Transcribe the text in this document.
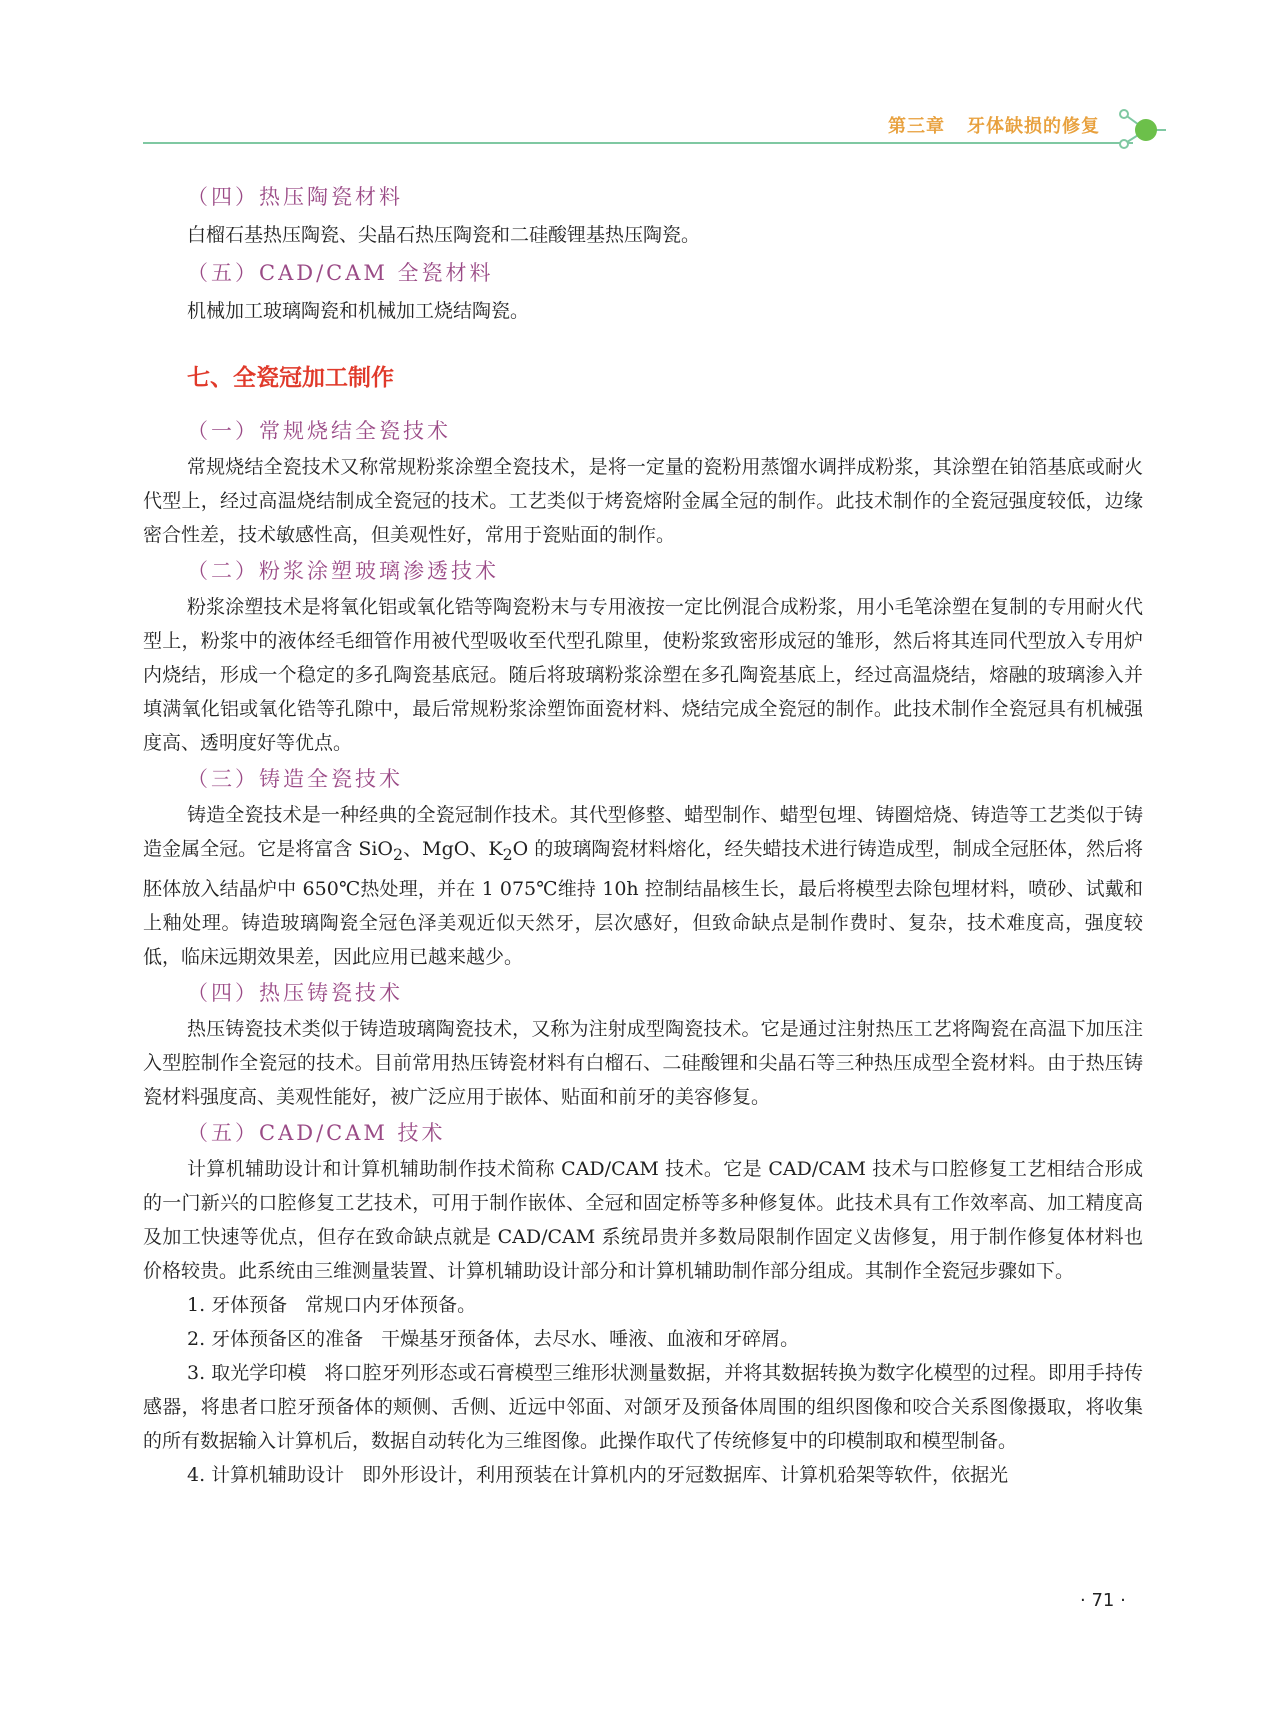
第三章 牙体缺损的修复
（四）热压陶瓷材料
白榴石基热压陶瓷、尖晶石热压陶瓷和二硅酸锂基热压陶瓷。
（五）CAD/CAM 全瓷材料
机械加工玻璃陶瓷和机械加工烧结陶瓷。
七、全瓷冠加工制作
（一）常规烧结全瓷技术

常规烧结全瓷技术又称常规粉浆涂塑全瓷技术，是将一定量的瓷粉用蒸馏水调拌成粉浆，其涂塑在铂箔基底或耐火代型上，经过高温烧结制成全瓷冠的技术。工艺类似于烤瓷熔附金属全冠的制作。此技术制作的全瓷冠强度较低，边缘密合性差，技术敏感性高，但美观性好，常用于瓷贴面的制作。

（二）粉浆涂塑玻璃渗透技术

粉浆涂塑技术是将氧化铝或氧化锆等陶瓷粉末与专用液按一定比例混合成粉浆，用小毛笔涂塑在复制的专用耐火代型上，粉浆中的液体经毛细管作用被代型吸收至代型孔隙里，使粉浆致密形成冠的雏形，然后将其连同代型放入专用炉内烧结，形成一个稳定的多孔陶瓷基底冠。随后将玻璃粉浆涂塑在多孔陶瓷基底上，经过高温烧结，熔融的玻璃渗入并填满氧化铝或氧化锆等孔隙中，最后常规粉浆涂塑饰面瓷材料、烧结完成全瓷冠的制作。此技术制作全瓷冠具有机械强度高、透明度好等优点。

（三）铸造全瓷技术

铸造全瓷技术是一种经典的全瓷冠制作技术。其代型修整、蜡型制作、蜡型包埋、铸圈焙烧、铸造等工艺类似于铸造金属全冠。它是将富含 SiO$_2$、MgO、$K_2O$ 的玻璃陶瓷材料熔化，经失蜡技术进行铸造成型，制成全冠胚体，然后将胚体放入结晶炉中 650℃热处理，并在 1 075℃维持 10h 控制结晶核生长，最后将模型去除包埋材料，喷砂、试戴和上釉处理。铸造玻璃陶瓷全冠色泽美观近似天然牙，层次感好，但致命缺点是制作费时、复杂，技术难度高，强度较低，临床远期效果差，因此应用已越来越少。

（四）热压铸瓷技术

热压铸瓷技术类似于铸造玻璃陶瓷技术，又称为注射成型陶瓷技术。它是通过注射热压工艺将陶瓷在高温下加压注入型腔制作全瓷冠的技术。目前常用热压铸瓷材料有白榴石、二硅酸锂和尖晶石等三种热压成型全瓷材料。由于热压铸瓷材料强度高、美观性能好，被广泛应用于嵌体、贴面和前牙的美容修复。

（五）CAD/CAM 技术

计算机辅助设计和计算机辅助制作技术简称 CAD/CAM 技术。它是 CAD/CAM 技术与口腔修复工艺相结合形成的一门新兴的口腔修复工艺技术，可用于制作嵌体、全冠和固定桥等多种修复体。此技术具有工作效率高、加工精度高及加工快速等优点，但存在致命缺点就是 CAD/CAM 系统昂贵并多数局限制作固定义齿修复，用于制作修复体材料也价格较贵。此系统由三维测量装置、计算机辅助设计部分和计算机辅助制作部分组成。其制作全瓷冠步骤如下。

1. 牙体预备 常规口内牙体预备。

2. 牙体预备区的准备 干燥基牙预备体，去尽水、唾液、血液和牙碎屑。

3. 取光学印模 将口腔牙列形态或石膏模型三维形状测量数据，并将其数据转换为数字化模型的过程。即用手持传感器，将患者口腔牙预备体的颊侧、舌侧、近远中邻面、对颌牙及预备体周围的组织图像和咬合关系图像摄取，将收集的所有数据输入计算机后，数据自动转化为三维图像。此操作取代了传统修复中的印模制取和模型制备。

4. 计算机辅助设计 即外形设计，利用预装在计算机内的牙冠数据库、计算机𬌗架等软件，依据光

· 71 ·
